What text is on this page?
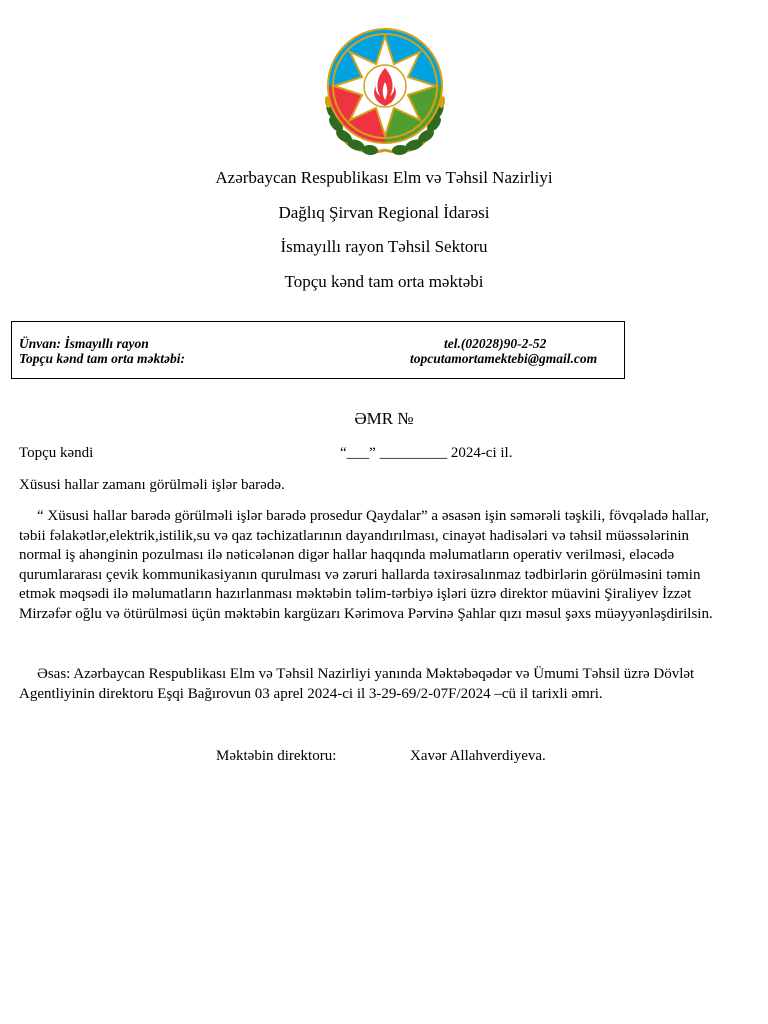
Azərbaycan Respublikası Elm və Təhsil Nazirliyi
Dağlıq Şirvan Regional İdarəsi
İsmayıllı rayon Təhsil Sektoru
Topçu kənd tam orta məktəbi
Ünvan: İsmayıllı rayon
Topçu kənd tam orta məktəbi:
tel.(02028)90-2-52
topcutamortamektebi@gmail.com
ƏMR №
Topçu kəndi	“___” _________ 2024-ci il.
Xüsusi hallar zamanı görülməli işlər barədə.
“ Xüsusi hallar barədə görülməli işlər barədə prosedur Qaydalar” a əsasən işin səmərəli təşkili, fövqəladə hallar,
təbii fəlakətlər,elektrik,istilik,su və qaz təchizatlarının dayandırılması, cinayət hadisələri və təhsil müəssələrinin
normal iş ahənginin pozulması ilə nəticələnən digər hallar haqqında məlumatların operativ verilməsi, eləcədə
qurumlararası çevik kommunikasiyanın qurulması və zəruri hallarda təxirəsalınmaz tədbirlərin görülməsini təmin
etmək məqsədi ilə məlumatların hazırlanması məktəbin təlim-tərbiyə işləri üzrə direktor müavini Şiraliyev İzzət
Mirzəfər oğlu və ötürülməsi üçün məktəbin kargüzarı Kərimova Pərvinə Şahlar qızı məsul şəxs müəyyənləşdirilsin.
Əsas: Azərbaycan Respublikası Elm və Təhsil Nazirliyi yanında Məktəbəqədər və Ümumi Təhsil üzrə Dövlət
Agentliyinin direktoru Eşqi Bağırovun 03 aprel 2024-ci il 3-29-69/2-07F/2024 –cü il tarixli əmri.
Məktəbin direktoru:	Xavər Allahverdiyeva.
